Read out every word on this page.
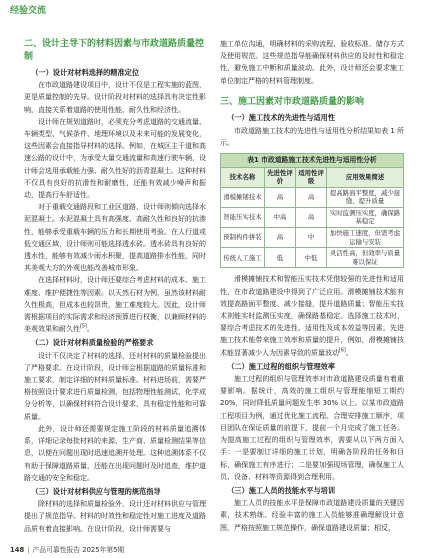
经验交流
二、设计主导下的材料因素与市政道路质量控制
（一）设计对材料选择的精准定位

在市政道路建设项目中，设计不仅是工程实施的蓝图，更是质量控制的先导。设计阶段对材料的选择具有决定性影响，直接关系着道路的使用性能、耐久性和经济性。

设计师在规划道路时，必须充分考虑道路的交通流量、车辆类型、气候条件、地理环境以及未来可能的发展变化，这些因素会直接指导材料的选择。例如，在城区主干道和高速公路的设计中，为承受大量交通流量和高速行驶车辆，设计师会选用承载能力强、耐久性好的沥青混凝土。这种材料不仅具有良好的抗滑性和耐磨性，还能有效减少噪声和振动，提高行车舒适性。

对于重载交通路段和工业区道路，设计师则倾向选择水泥混凝土。水泥混凝土具有高强度、高耐久性和良好的抗渗性，能够承受重载车辆的压力和长期使用考验。在人行道或低交通区域，设计师则可能选择透水砖。透水砖具有良好的透水性，能够有效减少雨水积聚，提高道路排水性能，同时其美观大方的外观也能改善城市形象。

在选择材料时，设计师还要综合考虑材料的成本、施工难度、维护便捷性等因素。以天然石材为例，虽然该材料耐久性极高，但成本也较昂贵，施工难度较大。因此，设计师需根据项目的实际需求和经济预算进行权衡，以兼顾材料的美观效果和耐久性[5]。

（二）设计对材料质量检验的严格要求

设计不仅决定了材料的选择，还对材料的质量检验提出了严格要求。在设计阶段，设计师会根据道路的质量标准和施工要求，制定详细的材料质量标准。材料进场前，需要严格按照设计要求进行质量检测，包括物理性能测试、化学成分分析等，以确保材料符合设计要求，具有稳定性能和可靠质量。

此外，设计师还需要规定施工阶段的材料质量追溯体系，详细记录每批材料的来源、生产商、质量检测结果等信息，以便在问题出现时迅速追溯并处理。这种追溯体系不仅有助于保障道路质量，还能在出现问题时及时追查，维护道路交通的安全和稳定。

（三）设计对材料供应与管理的规范指导

除材料的选择和质量检验外，设计还对材料供应与管理提出了规范指导。材料的时效性和稳定性对施工进度及道路品质有着直接影响。在设计阶段，设计师需要与

施工单位沟通，明确材料的采购流程、验收标准、储存方式及使用规范。这些规范指导能确保材料供应的及时性和稳定性，避免施工中断和质量波动。此外，设计师还会要求施工单位制定严格的材料管理制度。

三、施工因素对市政道路质量的影响
（一）施工技术的先进性与适用性

市政道路施工技术的先进性与适用性分析结果如表 1 所示。

表1 市政道路施工技术先进性与适用性分析			
技术名称	先进性评价	适用性评级	应用效果简述
滑模摊铺技术	高	高	提高路面平整度，减少接缝，提升质量
智能压实技术	中高	高	实时监测压实度，确保路基稳定
预制构件拼装	高	中	加快施工速度，但需考虑运输与安装
传统人工施工	低	中低	灵活性高，但效率与质量难以保证

滑模摊铺技术和智能压实技术凭借较强的先进性和适用性，在市政道路建设中得到了广泛应用。滑模摊铺技术能有效提高路面平整度、减少接缝，提升道路质量；智能压实技术则能实时监测压实度，确保路基稳定。选择施工技术时，要综合考虑技术的先进性、适用性及成本效益等因素。先进施工技术能带来施工效率和质量的提升，例如，滑模摊铺技术能显著减少人为因素导致的质量波动[6]。

（二）施工过程的组织与管理效率

施工过程的组织与管理效率对市政道路建设质量有着重要影响。据统计，高效的施工组织与管理能缩短工期约 20%，同时降低质量问题发生率 30% 以上。以某市政道路工程项目为例，通过优化施工流程、合理安排施工顺序，项目团队在保证质量的前提下，提前一个月完成了施工任务。为提高施工过程的组织与管理效率，需要从以下两方面入手：一是要制订详细的施工计划，明确各阶段的任务和目标，确保施工有序进行；二是要加强现场管理，确保施工人员、设备、材料等资源得到合理利用。

（三）施工人员的技能水平与培训

施工人员的技能水平是保障市政道路建设质量的关键因素，技术熟练、经验丰富的施工人员能够准确理解设计意图，严格按照施工规范操作，确保道路建设质量；相反，

148 | 产品可靠性报告 2025年第5期
